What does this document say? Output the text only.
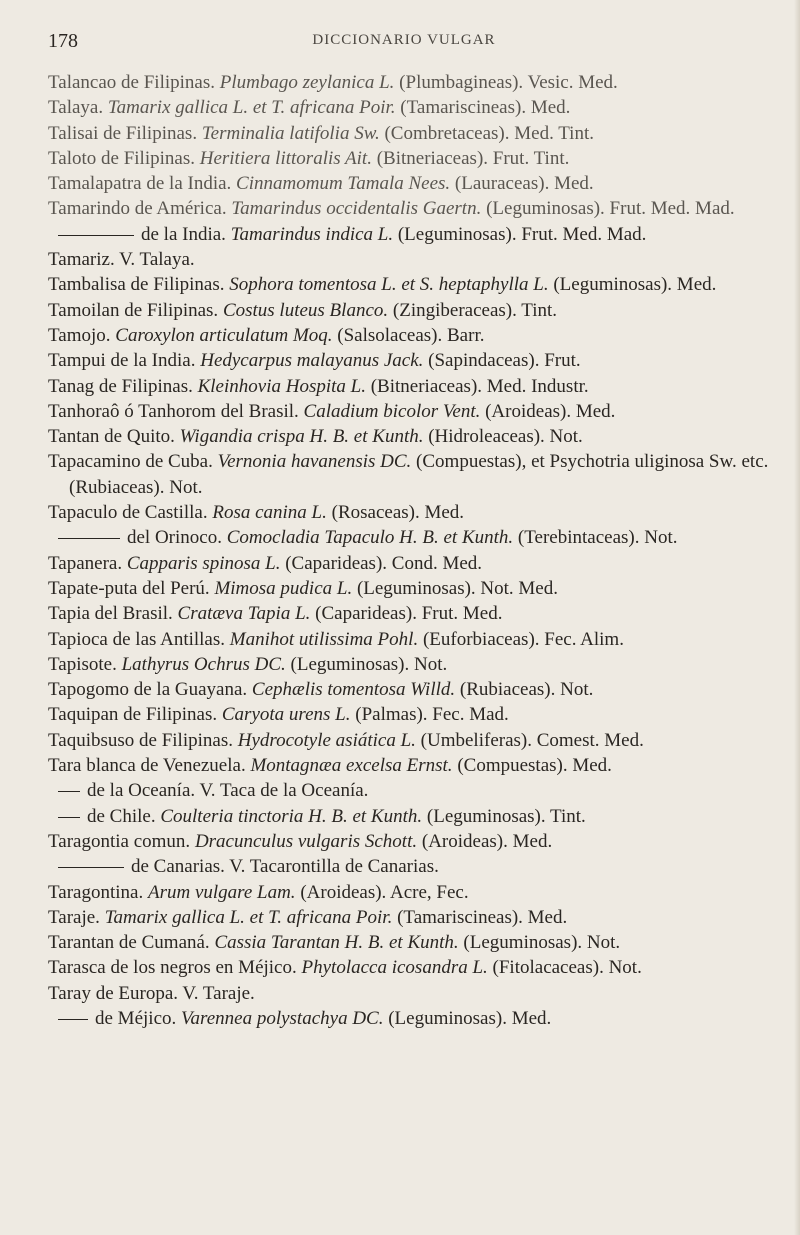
178	DICCIONARIO VULGAR
Talancao de Filipinas. Plumbago zeylanica L. (Plumbagineas). Vesic. Med.
Talaya. Tamarix gallica L. et T. africana Poir. (Tamariscineas). Med.
Talisai de Filipinas. Terminalia latifolia Sw. (Combretaceas). Med. Tint.
Taloto de Filipinas. Heritiera littoralis Ait. (Bitneriaceas). Frut. Tint.
Tamalapatra de la India. Cinnamomum Tamala Nees. (Lauraceas). Med.
Tamarindo de América. Tamarindus occidentalis Gaertn. (Leguminosas). Frut. Med. Mad.
de la India. Tamarindus indica L. (Leguminosas). Frut. Med. Mad.
Tamariz. V. Talaya.
Tambalisa de Filipinas. Sophora tomentosa L. et S. heptaphylla L. (Leguminosas). Med.
Tamoilan de Filipinas. Costus luteus Blanco. (Zingiberaceas). Tint.
Tamojo. Caroxylon articulatum Moq. (Salsolaceas). Barr.
Tampui de la India. Hedycarpus malayanus Jack. (Sapindaceas). Frut.
Tanag de Filipinas. Kleinhovia Hospita L. (Bitneriaceas). Med. Industr.
Tanhoraô ó Tanhorom del Brasil. Caladium bicolor Vent. (Aroideas). Med.
Tantan de Quito. Wigandia crispa H. B. et Kunth. (Hidroleaceas). Not.
Tapacamino de Cuba. Vernonia havanensis DC. (Compuestas), et Psychotria uliginosa Sw. etc. (Rubiaceas). Not.
Tapaculo de Castilla. Rosa canina L. (Rosaceas). Med.
del Orinoco. Comocladia Tapaculo H. B. et Kunth. (Terebintaceas). Not.
Tapanera. Capparis spinosa L. (Caparideas). Cond. Med.
Tapate-puta del Perú. Mimosa pudica L. (Leguminosas). Not. Med.
Tapia del Brasil. Cratæva Tapia L. (Caparideas). Frut. Med.
Tapioca de las Antillas. Manihot utilissima Pohl. (Euforbiaceas). Fec. Alim.
Tapisote. Lathyrus Ochrus DC. (Leguminosas). Not.
Tapogomo de la Guayana. Cephælis tomentosa Willd. (Rubiaceas). Not.
Taquipan de Filipinas. Caryota urens L. (Palmas). Fec. Mad.
Taquibsuso de Filipinas. Hydrocotyle asiática L. (Umbeliferas). Comest. Med.
Tara blanca de Venezuela. Montagnæa excelsa Ernst. (Compuestas). Med.
de la Oceanía. V. Taca de la Oceanía.
de Chile. Coulteria tinctoria H. B. et Kunth. (Leguminosas). Tint.
Taragontia comun. Dracunculus vulgaris Schott. (Aroideas). Med.
de Canarias. V. Tacarontilla de Canarias.
Taragontina. Arum vulgare Lam. (Aroideas). Acre, Fec.
Taraje. Tamarix gallica L. et T. africana Poir. (Tamariscineas). Med.
Tarantan de Cumaná. Cassia Tarantan H. B. et Kunth. (Leguminosas). Not.
Tarasca de los negros en Méjico. Phytolacca icosandra L. (Fitolacaceas). Not.
Taray de Europa. V. Taraje.
de Méjico. Varennea polystachya DC. (Leguminosas). Med.
